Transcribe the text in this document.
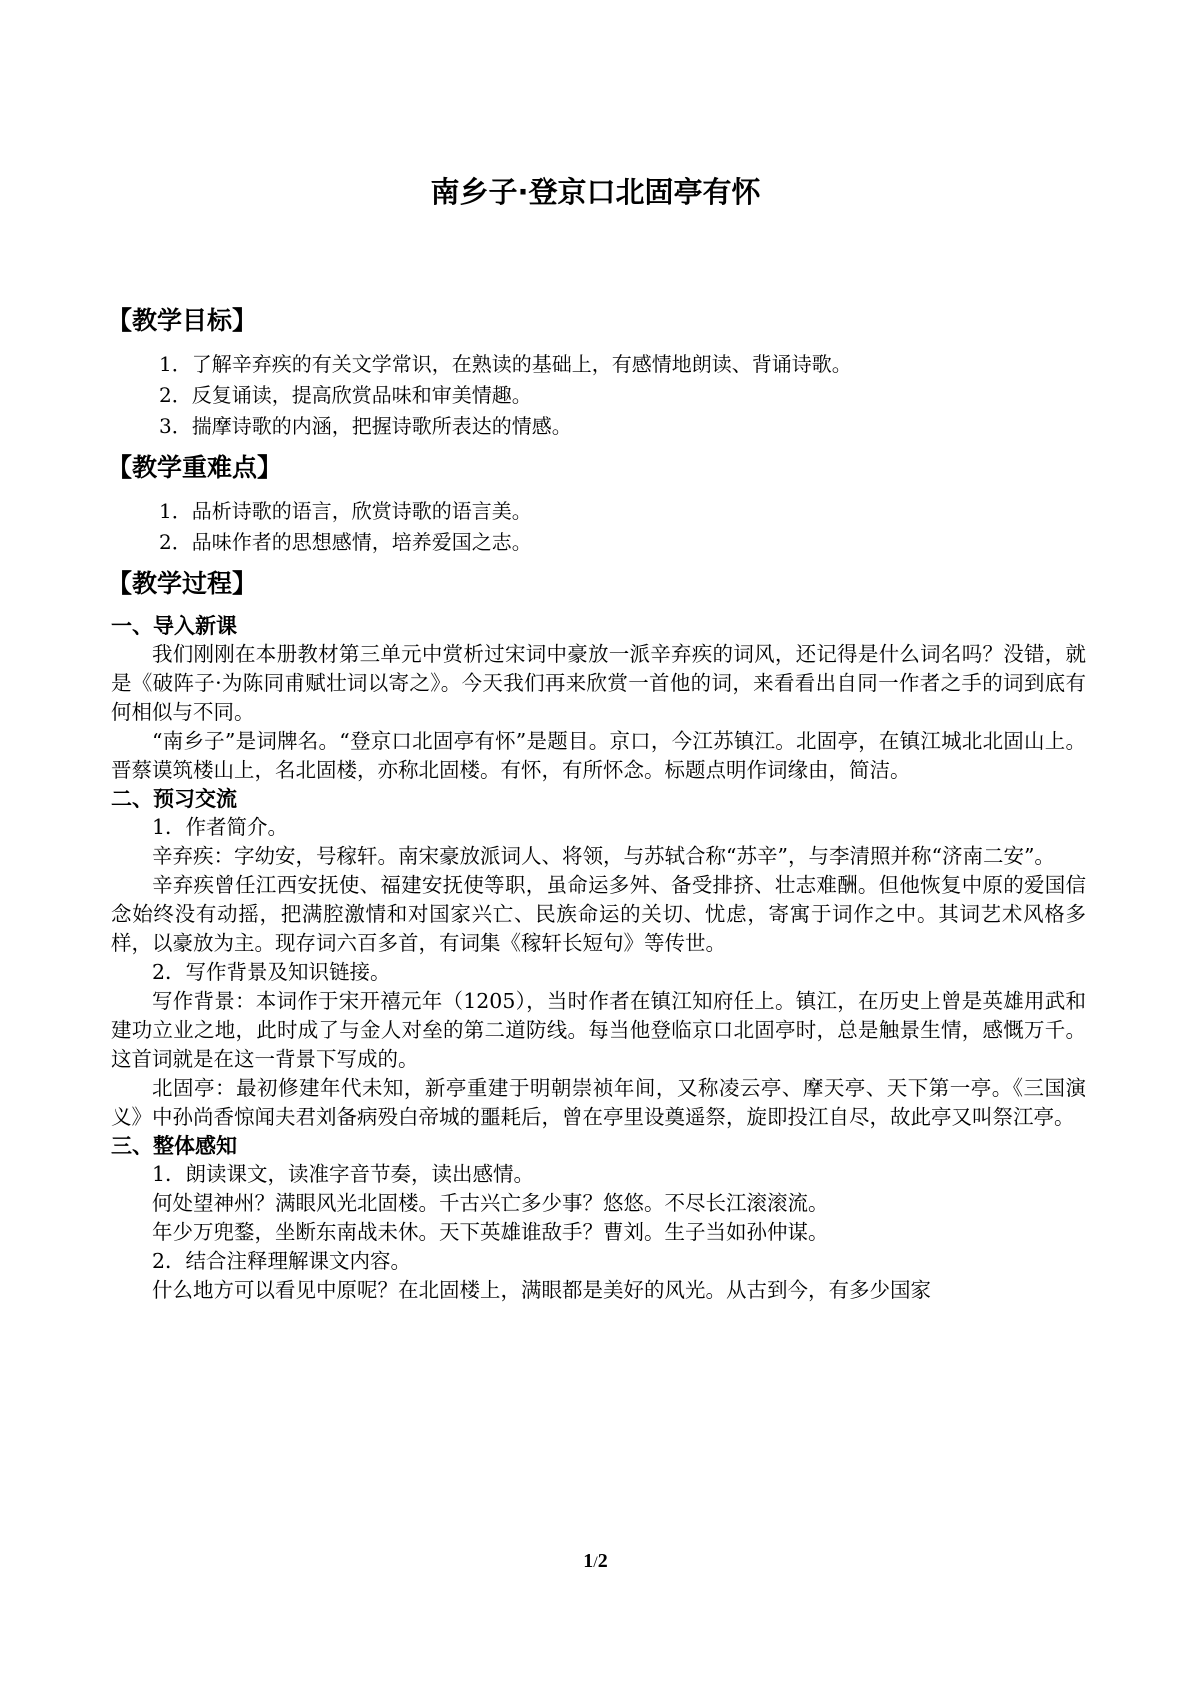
南乡子·登京口北固亭有怀
【教学目标】
1．了解辛弃疾的有关文学常识，在熟读的基础上，有感情地朗读、背诵诗歌。
2．反复诵读，提高欣赏品味和审美情趣。
3．揣摩诗歌的内涵，把握诗歌所表达的情感。
【教学重难点】
1．品析诗歌的语言，欣赏诗歌的语言美。
2．品味作者的思想感情，培养爱国之志。
【教学过程】
一、导入新课

我们刚刚在本册教材第三单元中赏析过宋词中豪放一派辛弃疾的词风，还记得是什么词名吗？没错，就是《破阵子·为陈同甫赋壮词以寄之》。今天我们再来欣赏一首他的词，来看看出自同一作者之手的词到底有何相似与不同。

“南乡子”是词牌名。“登京口北固亭有怀”是题目。京口，今江苏镇江。北固亭，在镇江城北北固山上。晋蔡谟筑楼山上，名北固楼，亦称北固楼。有怀，有所怀念。标题点明作词缘由，简洁。

二、预习交流

1．作者简介。

辛弃疾：字幼安，号稼轩。南宋豪放派词人、将领，与苏轼合称“苏辛”，与李清照并称“济南二安”。

辛弃疾曾任江西安抚使、福建安抚使等职，虽命运多舛、备受排挤、壮志难酬。但他恢复中原的爱国信念始终没有动摇，把满腔激情和对国家兴亡、民族命运的关切、忧虑，寄寓于词作之中。其词艺术风格多样，以豪放为主。现存词六百多首，有词集《稼轩长短句》等传世。

2．写作背景及知识链接。

写作背景：本词作于宋开禧元年（1205），当时作者在镇江知府任上。镇江，在历史上曾是英雄用武和建功立业之地，此时成了与金人对垒的第二道防线。每当他登临京口北固亭时，总是触景生情，感慨万千。这首词就是在这一背景下写成的。

北固亭：最初修建年代未知，新亭重建于明朝崇祯年间，又称凌云亭、摩天亭、天下第一亭。《三国演义》中孙尚香惊闻夫君刘备病殁白帝城的噩耗后，曾在亭里设奠遥祭，旋即投江自尽，故此亭又叫祭江亭。

三、整体感知

1．朗读课文，读准字音节奏，读出感情。

何处望神州？满眼风光北固楼。千古兴亡多少事？悠悠。不尽长江滚滚流。

年少万兜鍪，坐断东南战未休。天下英雄谁敌手？曹刘。生子当如孙仲谋。

2．结合注释理解课文内容。

什么地方可以看见中原呢？在北固楼上，满眼都是美好的风光。从古到今，有多少国家

1/2
